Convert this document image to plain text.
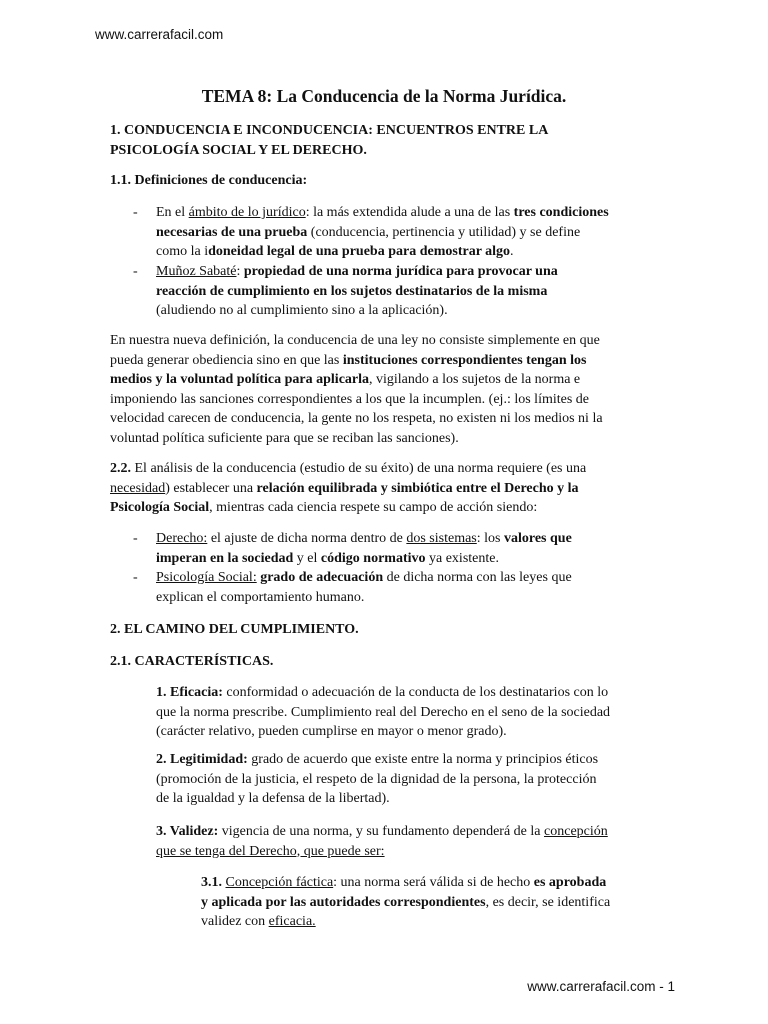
www.carrerafacil.com
TEMA 8: La Conducencia de la Norma Jurídica.
1. CONDUCENCIA E INCONDUCENCIA: ENCUENTROS ENTRE LA
PSICOLOGÍA SOCIAL Y EL DERECHO.
1.1. Definiciones de conducencia:
- En el ámbito de lo jurídico: la más extendida alude a una de las tres condiciones
necesarias de una prueba (conducencia, pertinencia y utilidad) y se define
como la idoneidad legal de una prueba para demostrar algo.
- Muñoz Sabaté: propiedad de una norma jurídica para provocar una
reacción de cumplimiento en los sujetos destinatarios de la misma
(aludiendo no al cumplimiento sino a la aplicación).
En nuestra nueva definición, la conducencia de una ley no consiste simplemente en que
pueda generar obediencia sino en que las instituciones correspondientes tengan los
medios y la voluntad política para aplicarla, vigilando a los sujetos de la norma e
imponiendo las sanciones correspondientes a los que la incumplen. (ej.: los límites de
velocidad carecen de conducencia, la gente no los respeta, no existen ni los medios ni la
voluntad política suficiente para que se reciban las sanciones).
2.2. El análisis de la conducencia (estudio de su éxito) de una norma requiere (es una
necesidad) establecer una relación equilibrada y simbiótica entre el Derecho y la
Psicología Social, mientras cada ciencia respete su campo de acción siendo:
- Derecho: el ajuste de dicha norma dentro de dos sistemas: los valores que
imperan en la sociedad y el código normativo ya existente.
- Psicología Social: grado de adecuación de dicha norma con las leyes que
explican el comportamiento humano.
2. EL CAMINO DEL CUMPLIMIENTO.
2.1. CARACTERÍSTICAS.
1. Eficacia: conformidad o adecuación de la conducta de los destinatarios con lo
que la norma prescribe. Cumplimiento real del Derecho en el seno de la sociedad
(carácter relativo, pueden cumplirse en mayor o menor grado).
2. Legitimidad: grado de acuerdo que existe entre la norma y principios éticos
(promoción de la justicia, el respeto de la dignidad de la persona, la protección
de la igualdad y la defensa de la libertad).
3. Validez: vigencia de una norma, y su fundamento dependerá de la concepción
que se tenga del Derecho, que puede ser:
3.1. Concepción fáctica: una norma será válida si de hecho es aprobada
y aplicada por las autoridades correspondientes, es decir, se identifica
validez con eficacia.
www.carrerafacil.com - 1
